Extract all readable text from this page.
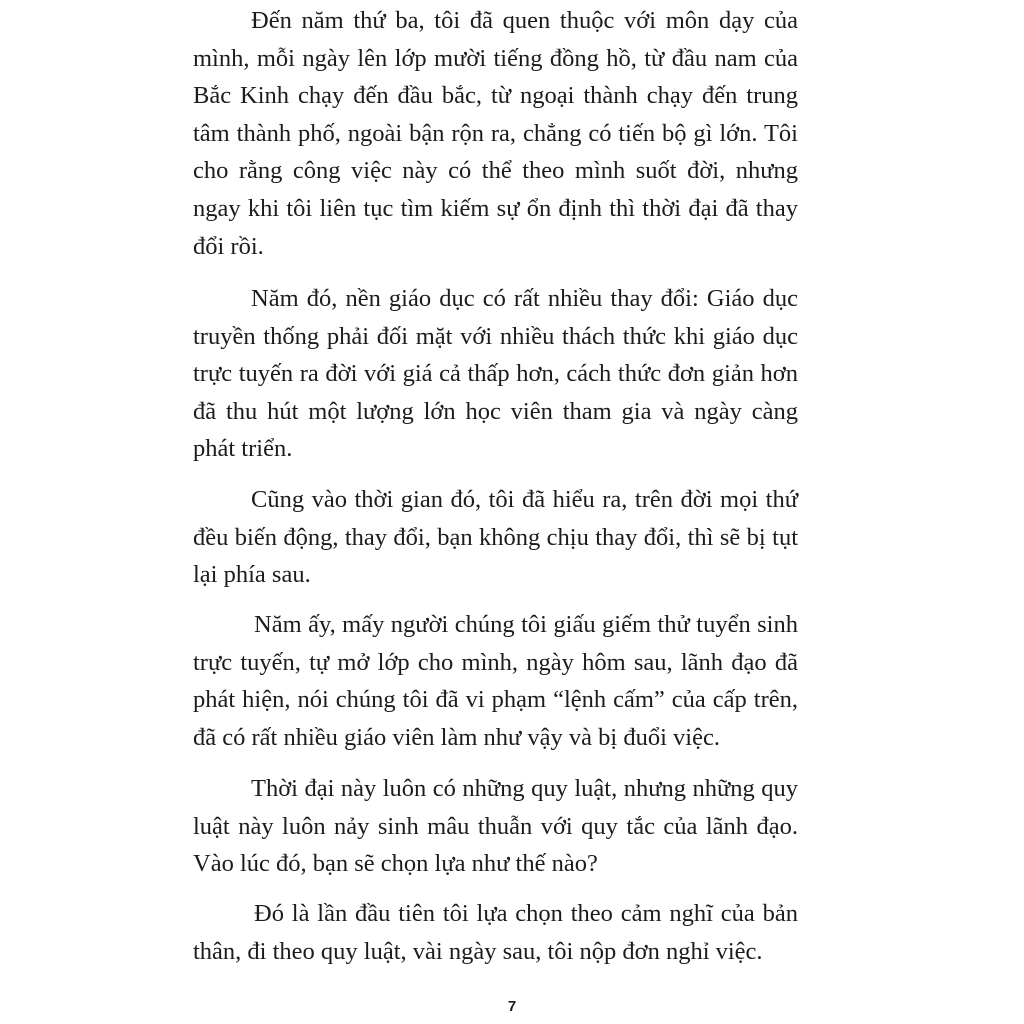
Đến năm thứ ba, tôi đã quen thuộc với môn dạy của
mình, mỗi ngày lên lớp mười tiếng đồng hồ, từ đầu nam của
Bắc Kinh chạy đến đầu bắc, từ ngoại thành chạy đến trung
tâm thành phố, ngoài bận rộn ra, chẳng có tiến bộ gì lớn. Tôi
cho rằng công việc này có thể theo mình suốt đời, nhưng
ngay khi tôi liên tục tìm kiếm sự ổn định thì thời đại đã thay
đổi rồi.
Năm đó, nền giáo dục có rất nhiều thay đổi: Giáo dục
truyền thống phải đối mặt với nhiều thách thức khi giáo dục
trực tuyến ra đời với giá cả thấp hơn, cách thức đơn giản hơn
đã thu hút một lượng lớn học viên tham gia và ngày càng
phát triển.
Cũng vào thời gian đó, tôi đã hiểu ra, trên đời mọi thứ
đều biến động, thay đổi, bạn không chịu thay đổi, thì sẽ bị tụt
lại phía sau.
Năm ấy, mấy người chúng tôi giấu giếm thử tuyển sinh
trực tuyến, tự mở lớp cho mình, ngày hôm sau, lãnh đạo đã
phát hiện, nói chúng tôi đã vi phạm “lệnh cấm” của cấp trên,
đã có rất nhiều giáo viên làm như vậy và bị đuổi việc.
Thời đại này luôn có những quy luật, nhưng những quy
luật này luôn nảy sinh mâu thuẫn với quy tắc của lãnh đạo.
Vào lúc đó, bạn sẽ chọn lựa như thế nào?
Đó là lần đầu tiên tôi lựa chọn theo cảm nghĩ của bản
thân, đi theo quy luật, vài ngày sau, tôi nộp đơn nghỉ việc.
7
